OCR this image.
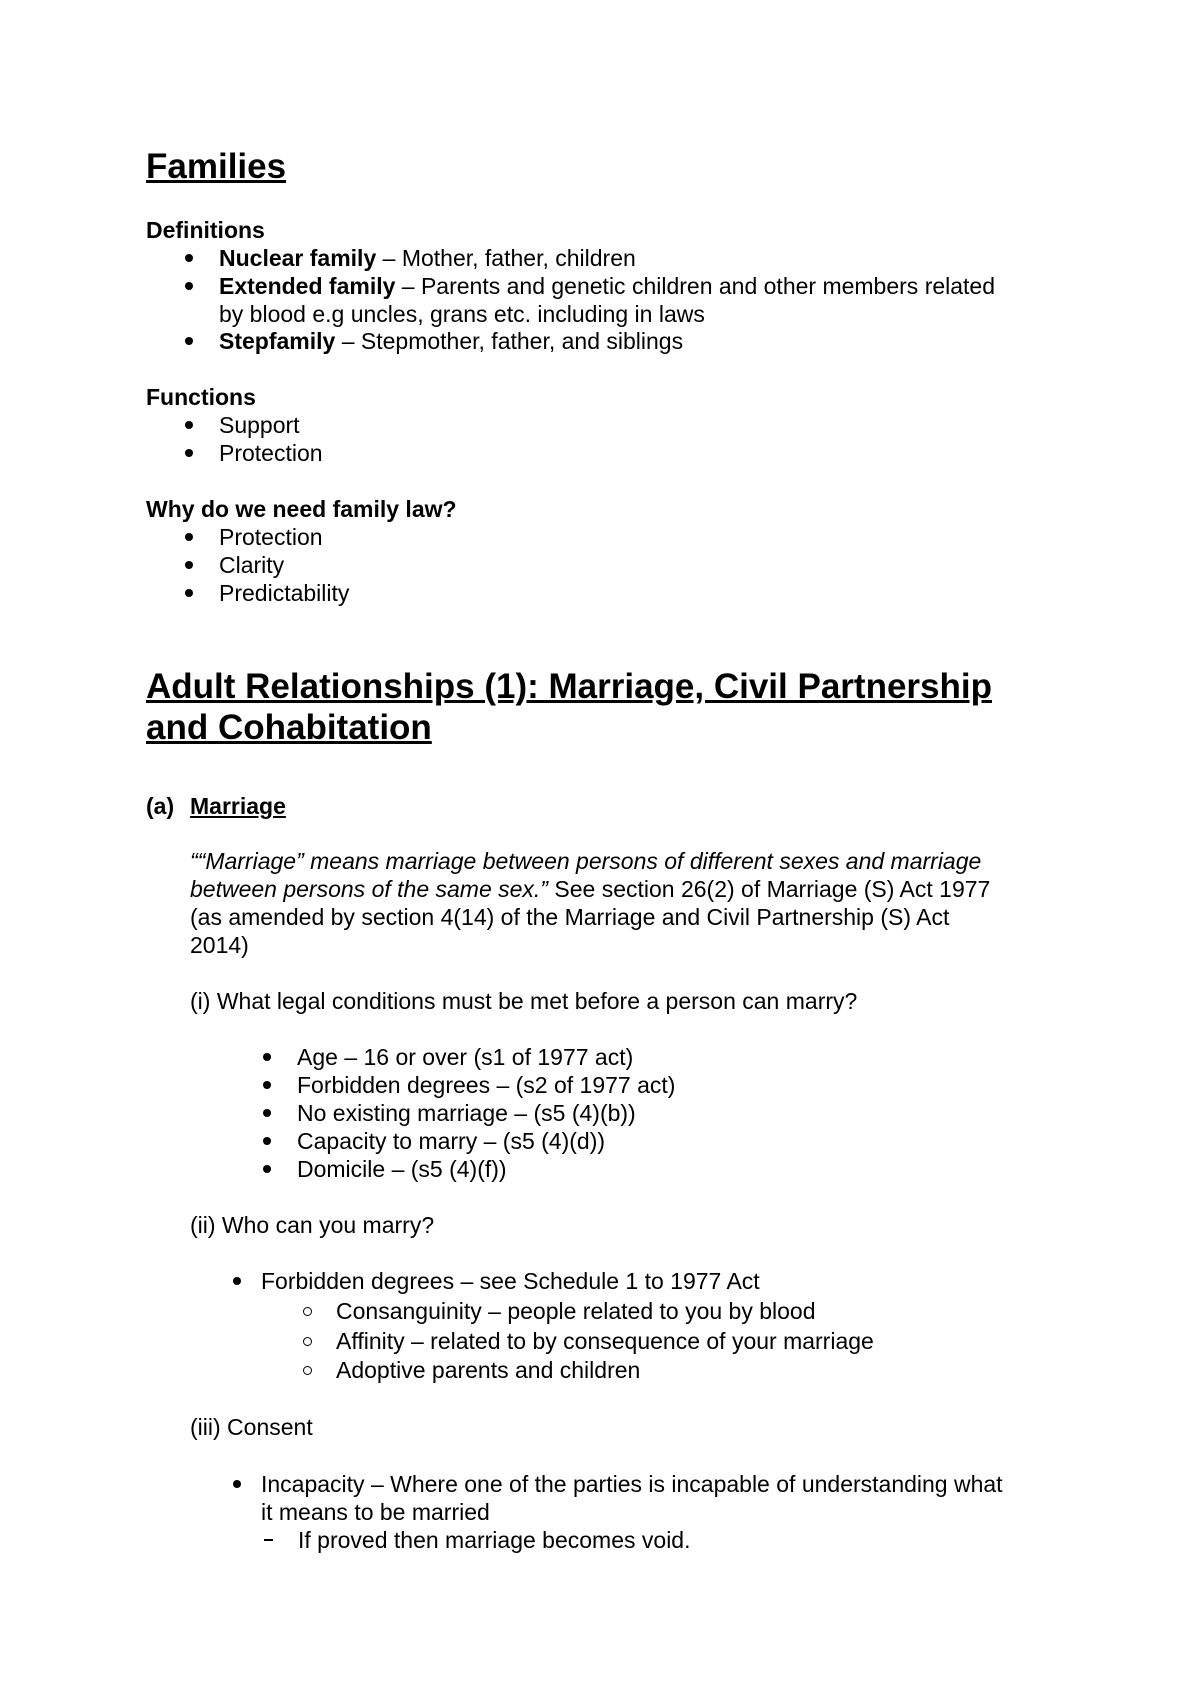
Families
Definitions
Nuclear family – Mother, father, children
Extended family – Parents and genetic children and other members related
by blood e.g uncles, grans etc. including in laws
Stepfamily – Stepmother, father, and siblings
Functions
Support
Protection
Why do we need family law?
Protection
Clarity
Predictability
Adult Relationships (1): Marriage, Civil Partnership
and Cohabitation
(a) Marriage
““Marriage” means marriage between persons of different sexes and marriage
between persons of the same sex.” See section 26(2) of Marriage (S) Act 1977
(as amended by section 4(14) of the Marriage and Civil Partnership (S) Act
2014)
(i) What legal conditions must be met before a person can marry?
Age – 16 or over (s1 of 1977 act)
Forbidden degrees – (s2 of 1977 act)
No existing marriage – (s5 (4)(b))
Capacity to marry – (s5 (4)(d))
Domicile – (s5 (4)(f))
(ii) Who can you marry?
Forbidden degrees – see Schedule 1 to 1977 Act
Consanguinity – people related to you by blood
Affinity – related to by consequence of your marriage
Adoptive parents and children
(iii) Consent
Incapacity – Where one of the parties is incapable of understanding what
it means to be married
If proved then marriage becomes void.
